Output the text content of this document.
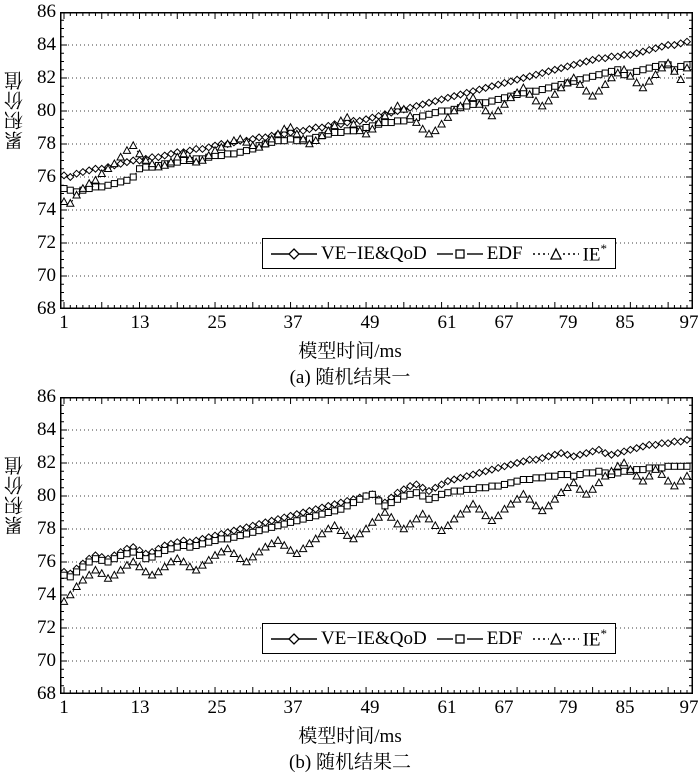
累积价值
86
84
82
80
78
76
74
72
70
68
1	13	25	37	49	61 67 79 85 97
模型时间/ms
(a) 随机结果一
VE−IE&QoD	EDF	IE*
累积价值
86
84
82
80
78
76
74
72
70
68
1	13	25	37	49	61 67 79 85 97
模型时间/ms
(b) 随机结果二
VE−IE&QoD	EDF	IE*
